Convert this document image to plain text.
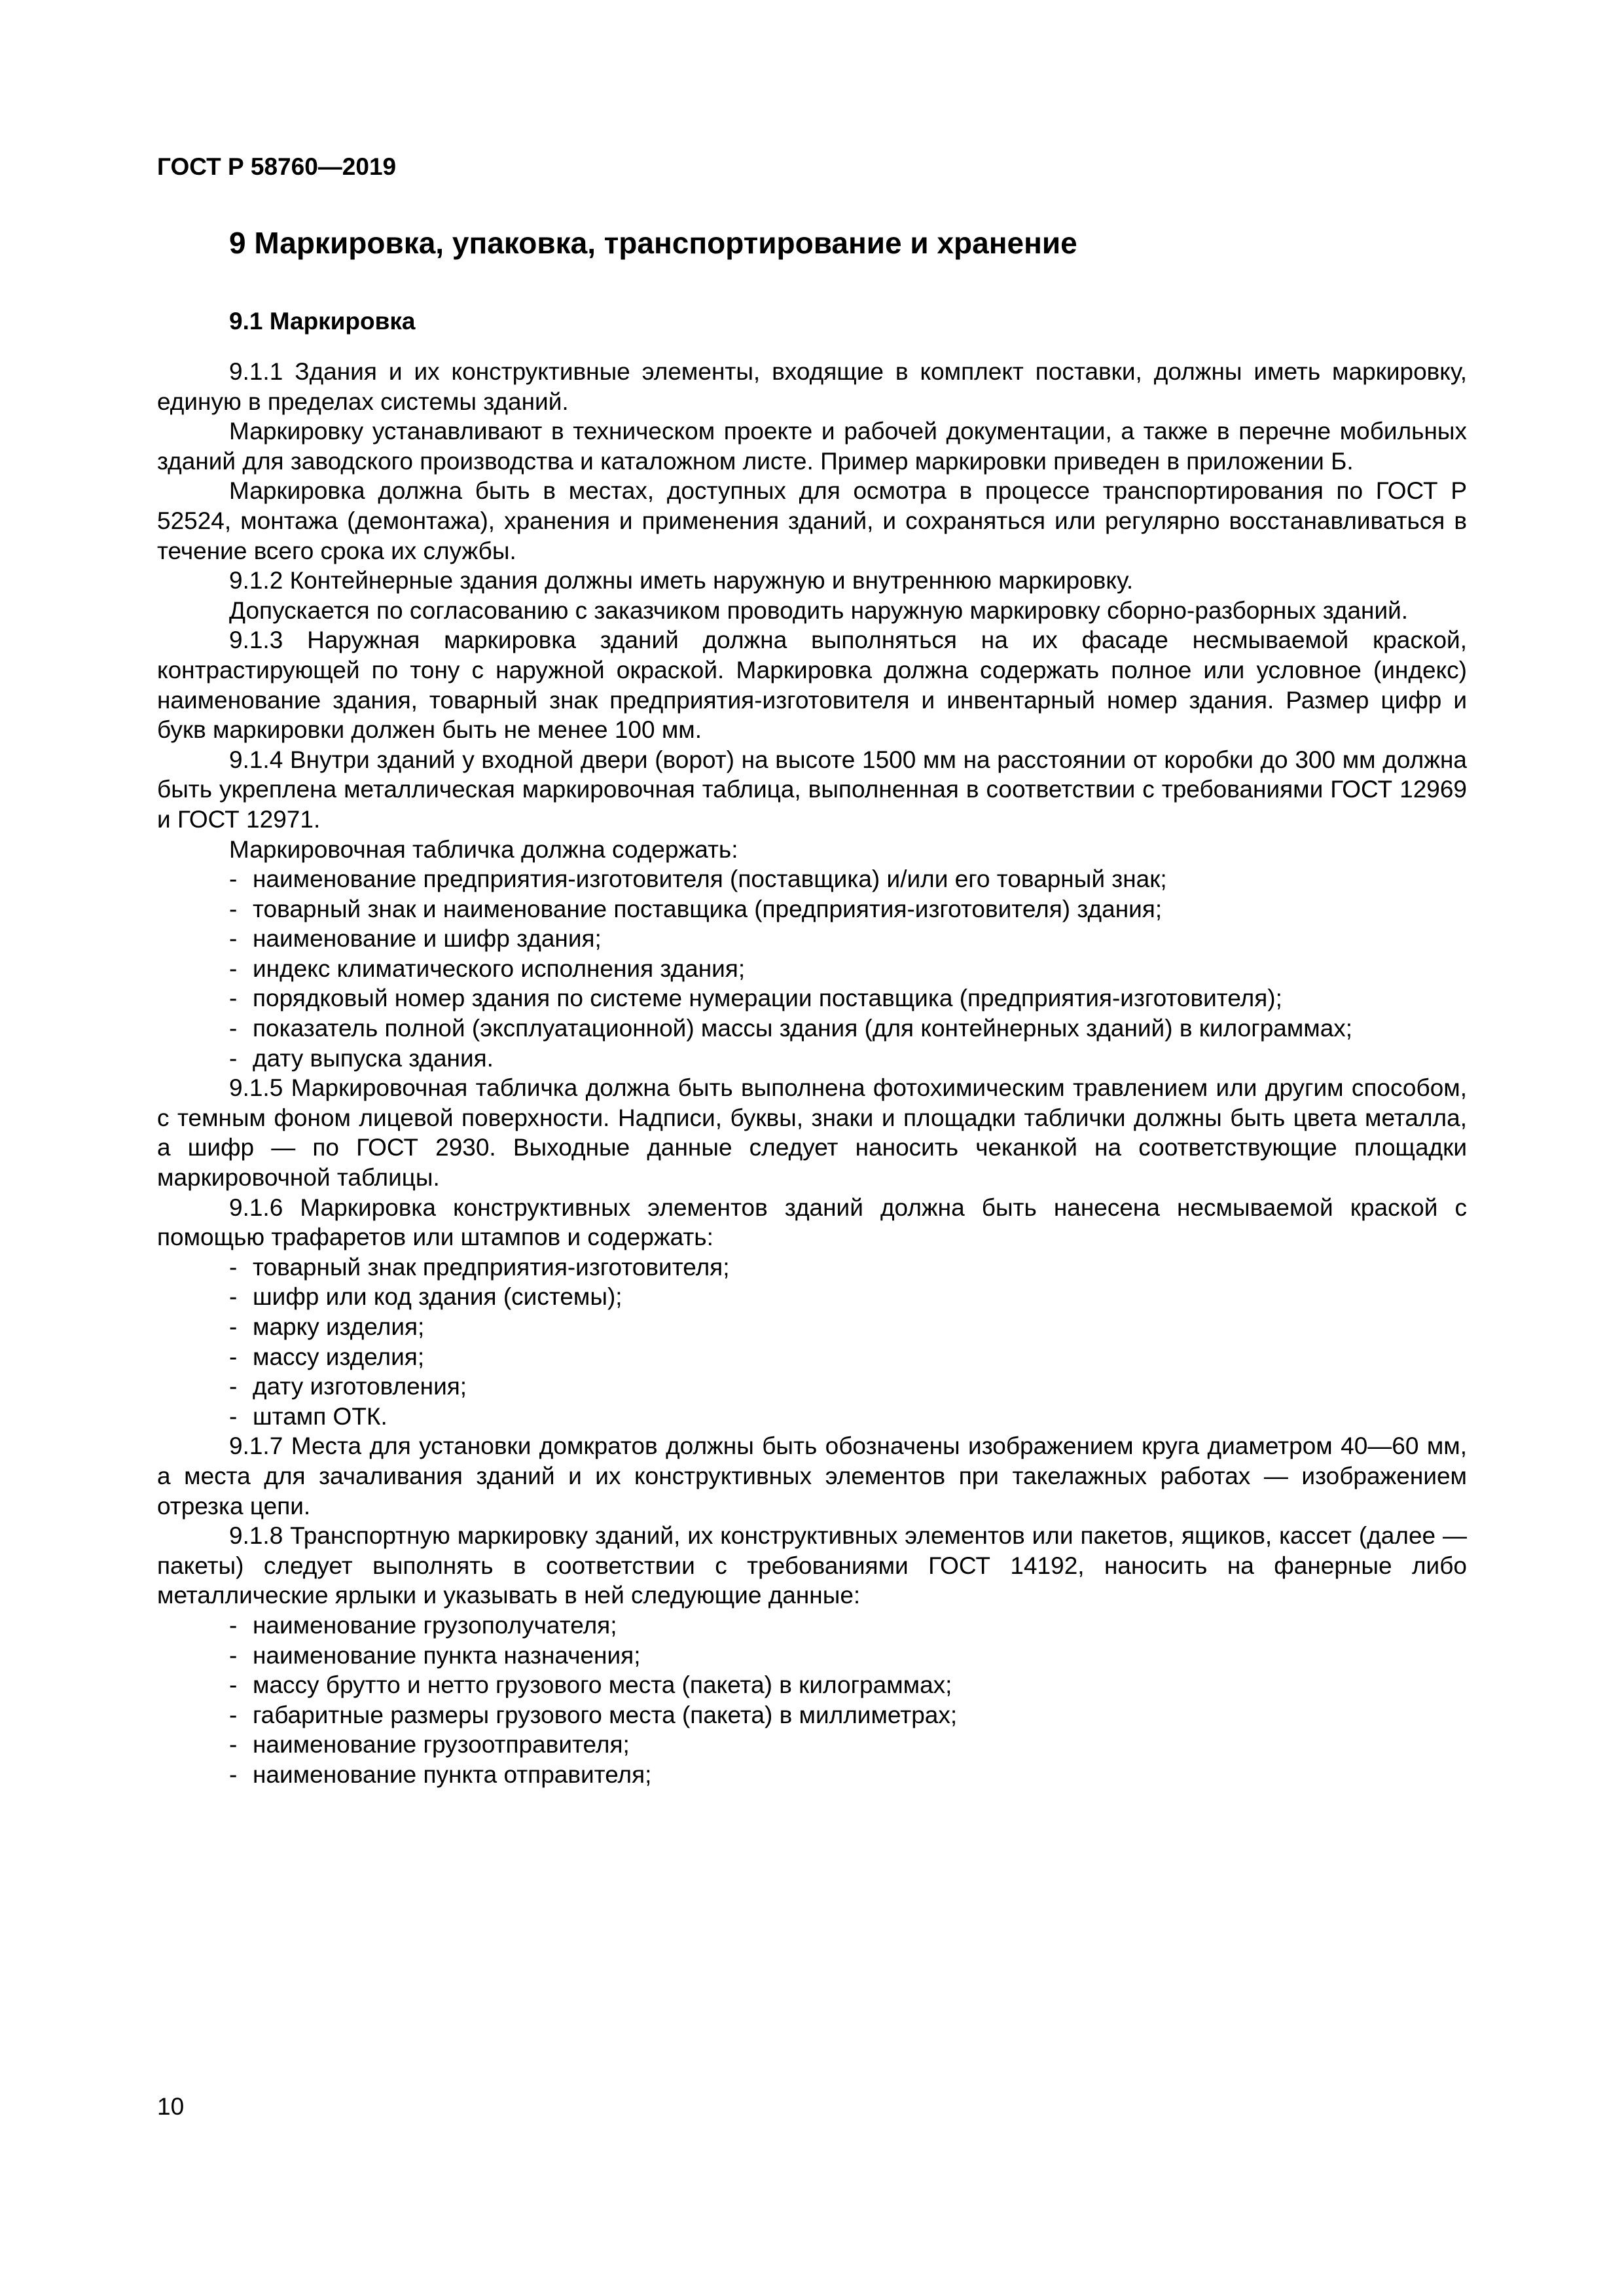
ГОСТ Р 58760—2019
9 Маркировка, упаковка, транспортирование и хранение
9.1 Маркировка

9.1.1 Здания и их конструктивные элементы, входящие в комплект поставки, должны иметь маркировку, единую в пределах системы зданий.

Маркировку устанавливают в техническом проекте и рабочей документации, а также в перечне мобильных зданий для заводского производства и каталожном листе. Пример маркировки приведен в приложении Б.

Маркировка должна быть в местах, доступных для осмотра в процессе транспортирования по ГОСТ Р 52524, монтажа (демонтажа), хранения и применения зданий, и сохраняться или регулярно восстанавливаться в течение всего срока их службы.

9.1.2 Контейнерные здания должны иметь наружную и внутреннюю маркировку.

Допускается по согласованию с заказчиком проводить наружную маркировку сборно-разборных зданий.

9.1.3 Наружная маркировка зданий должна выполняться на их фасаде несмываемой краской, контрастирующей по тону с наружной окраской. Маркировка должна содержать полное или условное (индекс) наименование здания, товарный знак предприятия-изготовителя и инвентарный номер здания. Размер цифр и букв маркировки должен быть не менее 100 мм.

9.1.4 Внутри зданий у входной двери (ворот) на высоте 1500 мм на расстоянии от коробки до 300 мм должна быть укреплена металлическая маркировочная таблица, выполненная в соответствии с требованиями ГОСТ 12969 и ГОСТ 12971.

Маркировочная табличка должна содержать:

- наименование предприятия-изготовителя (поставщика) и/или его товарный знак;
- товарный знак и наименование поставщика (предприятия-изготовителя) здания;
- наименование и шифр здания;
- индекс климатического исполнения здания;
- порядковый номер здания по системе нумерации поставщика (предприятия-изготовителя);
- показатель полной (эксплуатационной) массы здания (для контейнерных зданий) в килограммах;
- дату выпуска здания.

9.1.5 Маркировочная табличка должна быть выполнена фотохимическим травлением или другим способом, с темным фоном лицевой поверхности. Надписи, буквы, знаки и площадки таблички должны быть цвета металла, а шифр — по ГОСТ 2930. Выходные данные следует наносить чеканкой на соответствующие площадки маркировочной таблицы.

9.1.6 Маркировка конструктивных элементов зданий должна быть нанесена несмываемой краской с помощью трафаретов или штампов и содержать:

- товарный знак предприятия-изготовителя;
- шифр или код здания (системы);
- марку изделия;
- массу изделия;
- дату изготовления;
- штамп ОТК.

9.1.7 Места для установки домкратов должны быть обозначены изображением круга диаметром 40—60 мм, а места для зачаливания зданий и их конструктивных элементов при такелажных работах — изображением отрезка цепи.

9.1.8 Транспортную маркировку зданий, их конструктивных элементов или пакетов, ящиков, кассет (далее — пакеты) следует выполнять в соответствии с требованиями ГОСТ 14192, наносить на фанерные либо металлические ярлыки и указывать в ней следующие данные:

- наименование грузополучателя;
- наименование пункта назначения;
- массу брутто и нетто грузового места (пакета) в килограммах;
- габаритные размеры грузового места (пакета) в миллиметрах;
- наименование грузоотправителя;
- наименование пункта отправителя;
10
